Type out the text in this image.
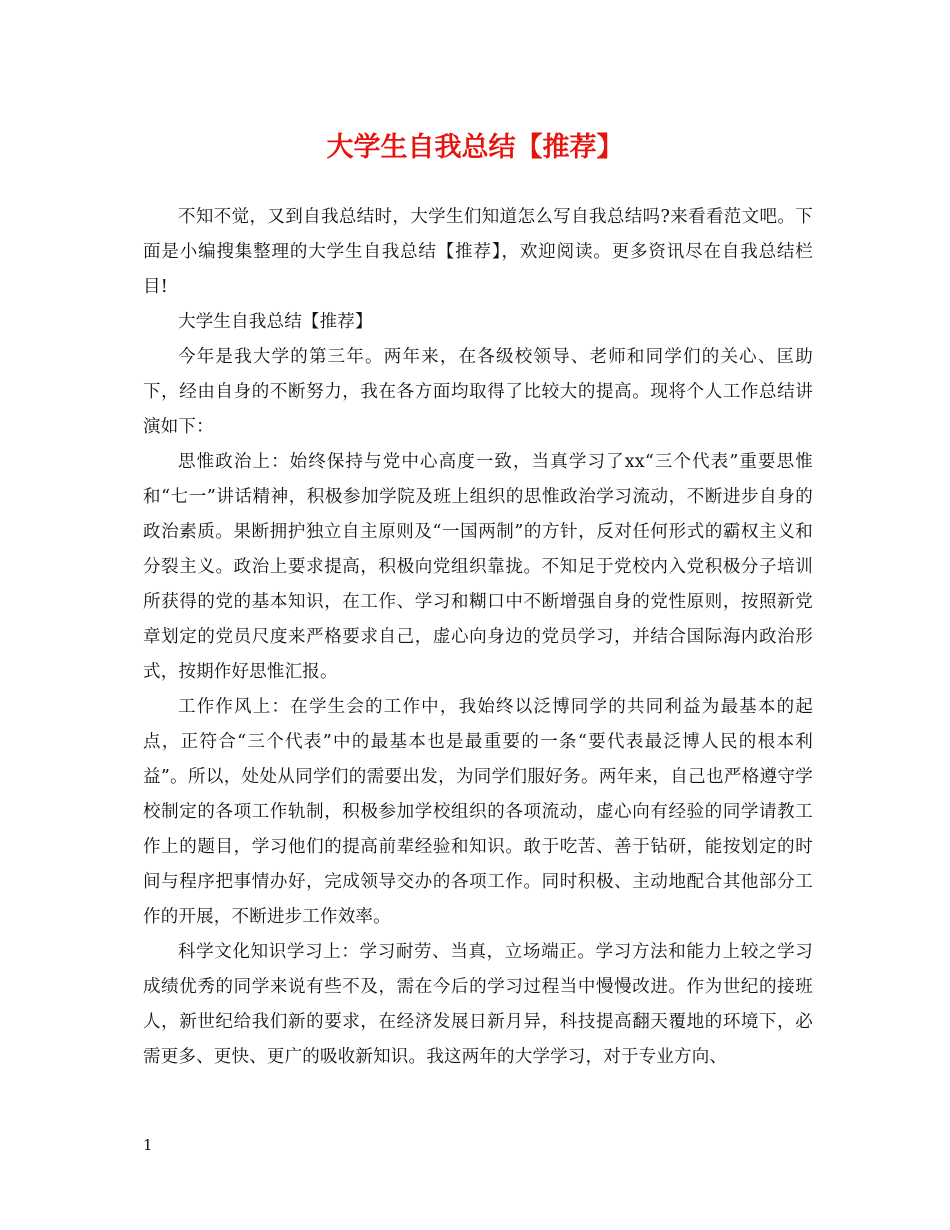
大学生自我总结【推荐】

不知不觉，又到自我总结时，大学生们知道怎么写自我总结吗?来看看范文吧。下面是小编搜集整理的大学生自我总结【推荐】，欢迎阅读。更多资讯尽在自我总结栏目!

大学生自我总结【推荐】

今年是我大学的第三年。两年来，在各级校领导、老师和同学们的关心、匡助下，经由自身的不断努力，我在各方面均取得了比较大的提高。现将个人工作总结讲演如下：

思惟政治上：始终保持与党中心高度一致，当真学习了xx“三个代表”重要思惟和“七一”讲话精神，积极参加学院及班上组织的思惟政治学习流动，不断进步自身的政治素质。果断拥护独立自主原则及“一国两制”的方针，反对任何形式的霸权主义和分裂主义。政治上要求提高，积极向党组织靠拢。不知足于党校内入党积极分子培训所获得的党的基本知识，在工作、学习和糊口中不断增强自身的党性原则，按照新党章划定的党员尺度来严格要求自己，虚心向身边的党员学习，并结合国际海内政治形式，按期作好思惟汇报。

工作作风上：在学生会的工作中，我始终以泛博同学的共同利益为最基本的起点，正符合“三个代表”中的最基本也是最重要的一条“要代表最泛博人民的根本利益”。所以，处处从同学们的需要出发，为同学们服好务。两年来，自己也严格遵守学校制定的各项工作轨制，积极参加学校组织的各项流动，虚心向有经验的同学请教工作上的题目，学习他们的提高前辈经验和知识。敢于吃苦、善于钻研，能按划定的时间与程序把事情办好，完成领导交办的各项工作。同时积极、主动地配合其他部分工作的开展，不断进步工作效率。

科学文化知识学习上：学习耐劳、当真，立场端正。学习方法和能力上较之学习成绩优秀的同学来说有些不及，需在今后的学习过程当中慢慢改进。作为世纪的接班人，新世纪给我们新的要求，在经济发展日新月异，科技提高翻天覆地的环境下，必需更多、更快、更广的吸收新知识。我这两年的大学学习，对于专业方向、

1
